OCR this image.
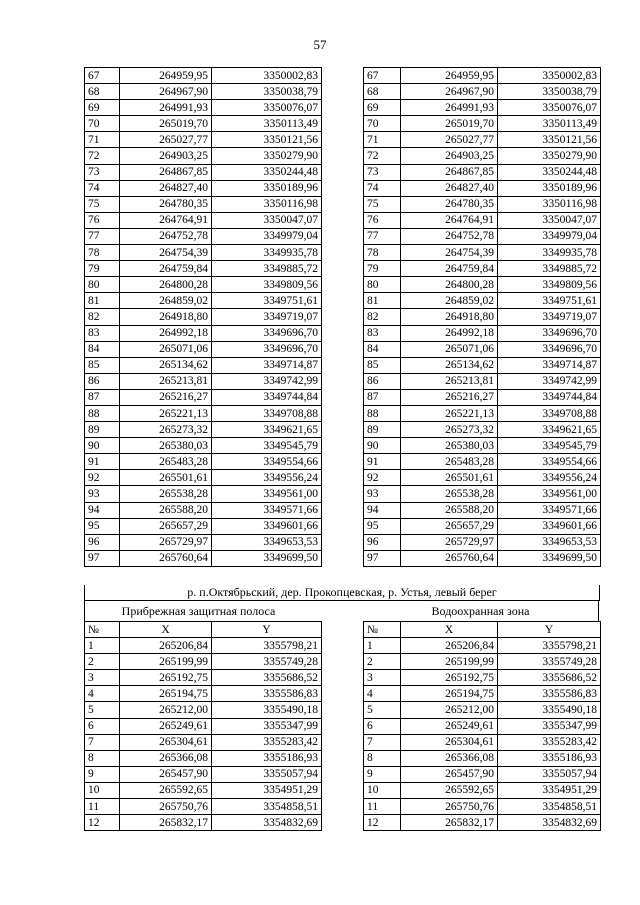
57
67	264959,95	3350002,83
68	264967,90	3350038,79
69	264991,93	3350076,07
70	265019,70	3350113,49
71	265027,77	3350121,56
72	264903,25	3350279,90
73	264867,85	3350244,48
74	264827,40	3350189,96
75	264780,35	3350116,98
76	264764,91	3350047,07
77	264752,78	3349979,04
78	264754,39	3349935,78
79	264759,84	3349885,72
80	264800,28	3349809,56
81	264859,02	3349751,61
82	264918,80	3349719,07
83	264992,18	3349696,70
84	265071,06	3349696,70
85	265134,62	3349714,87
86	265213,81	3349742,99
87	265216,27	3349744,84
88	265221,13	3349708,88
89	265273,32	3349621,65
90	265380,03	3349545,79
91	265483,28	3349554,66
92	265501,61	3349556,24
93	265538,28	3349561,00
94	265588,20	3349571,66
95	265657,29	3349601,66
96	265729,97	3349653,53
97	265760,64	3349699,50
67	264959,95	3350002,83
68	264967,90	3350038,79
69	264991,93	3350076,07
70	265019,70	3350113,49
71	265027,77	3350121,56
72	264903,25	3350279,90
73	264867,85	3350244,48
74	264827,40	3350189,96
75	264780,35	3350116,98
76	264764,91	3350047,07
77	264752,78	3349979,04
78	264754,39	3349935,78
79	264759,84	3349885,72
80	264800,28	3349809,56
81	264859,02	3349751,61
82	264918,80	3349719,07
83	264992,18	3349696,70
84	265071,06	3349696,70
85	265134,62	3349714,87
86	265213,81	3349742,99
87	265216,27	3349744,84
88	265221,13	3349708,88
89	265273,32	3349621,65
90	265380,03	3349545,79
91	265483,28	3349554,66
92	265501,61	3349556,24
93	265538,28	3349561,00
94	265588,20	3349571,66
95	265657,29	3349601,66
96	265729,97	3349653,53
97	265760,64	3349699,50
р. п.Октябрьский, дер. Прокопцевская, р. Устья, левый берег
Прибрежная защитная полоса	Водоохранная зона
№	X	Y
1	265206,84	3355798,21
2	265199,99	3355749,28
3	265192,75	3355686,52
4	265194,75	3355586,83
5	265212,00	3355490,18
6	265249,61	3355347,99
7	265304,61	3355283,42
8	265366,08	3355186,93
9	265457,90	3355057,94
10	265592,65	3354951,29
11	265750,76	3354858,51
12	265832,17	3354832,69
№	X	Y
1	265206,84	3355798,21
2	265199,99	3355749,28
3	265192,75	3355686,52
4	265194,75	3355586,83
5	265212,00	3355490,18
6	265249,61	3355347,99
7	265304,61	3355283,42
8	265366,08	3355186,93
9	265457,90	3355057,94
10	265592,65	3354951,29
11	265750,76	3354858,51
12	265832,17	3354832,69
